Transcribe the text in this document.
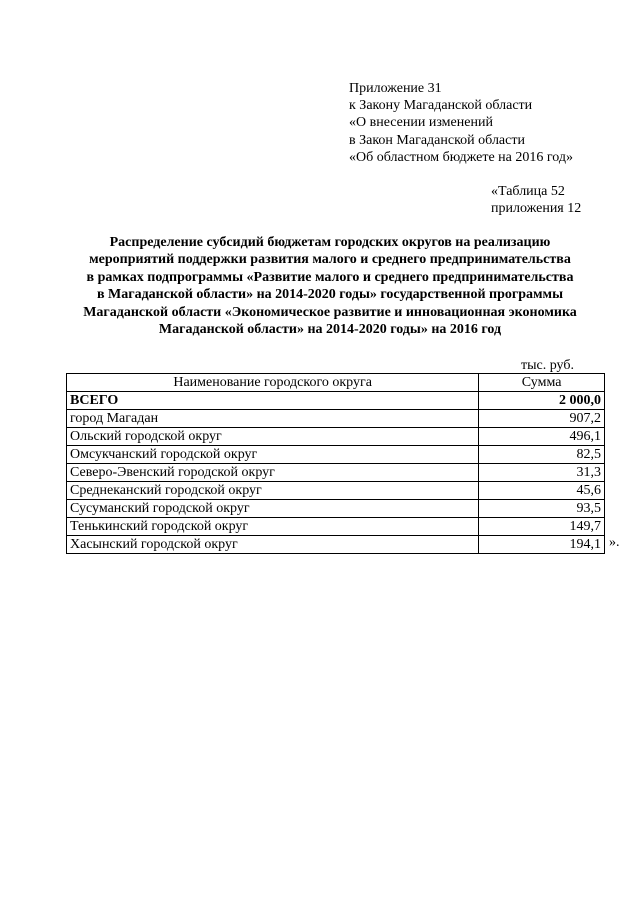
Приложение 31
к Закону Магаданской области
«О внесении изменений
в Закон Магаданской области
«Об областном бюджете на 2016 год»
«Таблица 52
приложения 12
Распределение субсидий бюджетам городских округов на реализацию
мероприятий поддержки развития малого и среднего предпринимательства
в рамках подпрограммы «Развитие малого и среднего предпринимательства
в Магаданской области» на 2014-2020 годы» государственной программы
Магаданской области «Экономическое развитие и инновационная экономика
Магаданской области» на 2014-2020 годы» на 2016 год
тыс. руб.
Наименование городского округа	Сумма
ВСЕГО	2 000,0
город Магадан	907,2
Ольский городской округ	496,1
Омсукчанский городской округ	82,5
Северо-Эвенский городской округ	31,3
Среднеканский городской округ	45,6
Сусуманский городской округ	93,5
Тенькинский городской округ	149,7
Хасынский городской округ	194,1 ».
